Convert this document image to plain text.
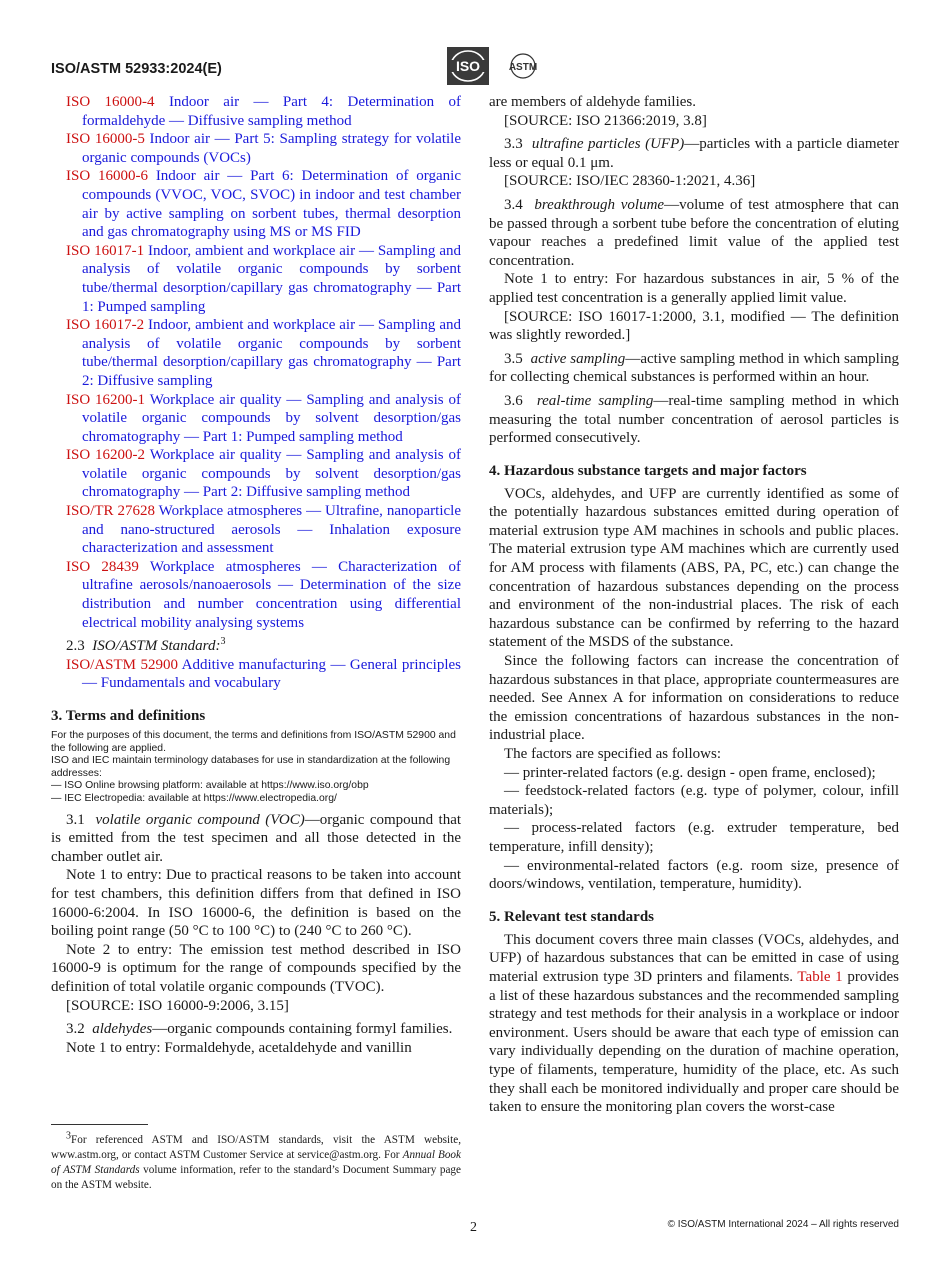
ISO/ASTM 52933:2024(E)	ISO	ASTM
ISO 16000-4 Indoor air — Part 4: Determination of formaldehyde — Diffusive sampling method
ISO 16000-5 Indoor air — Part 5: Sampling strategy for volatile organic compounds (VOCs)
ISO 16000-6 Indoor air — Part 6: Determination of organic compounds (VVOC, VOC, SVOC) in indoor and test chamber air by active sampling on sorbent tubes, thermal desorption and gas chromatography using MS or MS FID
ISO 16017-1 Indoor, ambient and workplace air — Sampling and analysis of volatile organic compounds by sorbent tube/thermal desorption/capillary gas chromatography — Part 1: Pumped sampling
ISO 16017-2 Indoor, ambient and workplace air — Sampling and analysis of volatile organic compounds by sorbent tube/thermal desorption/capillary gas chromatography — Part 2: Diffusive sampling
ISO 16200-1 Workplace air quality — Sampling and analysis of volatile organic compounds by solvent desorption/gas chromatography — Part 1: Pumped sampling method
ISO 16200-2 Workplace air quality — Sampling and analysis of volatile organic compounds by solvent desorption/gas chromatography — Part 2: Diffusive sampling method
ISO/TR 27628 Workplace atmospheres — Ultrafine, nanoparticle and nano-structured aerosols — Inhalation exposure characterization and assessment
ISO 28439 Workplace atmospheres — Characterization of ultrafine aerosols/nanoaerosols — Determination of the size distribution and number concentration using differential electrical mobility analysing systems
2.3 ISO/ASTM Standard:$^3$
ISO/ASTM 52900 Additive manufacturing — General principles — Fundamentals and vocabulary
3. Terms and definitions
For the purposes of this document, the terms and definitions from ISO/ASTM 52900 and the following are applied.
ISO and IEC maintain terminology databases for use in standardization at the following addresses:
— ISO Online browsing platform: available at https://www.iso.org/obp
— IEC Electropedia: available at https://www.electropedia.org/

3.1 volatile organic compound (VOC)—organic compound that is emitted from the test specimen and all those detected in the chamber outlet air.

Note 1 to entry: Due to practical reasons to be taken into account for test chambers, this definition differs from that defined in ISO 16000-6:2004. In ISO 16000-6, the definition is based on the boiling point range (50 °C to 100 °C) to (240 °C to 260 °C).

Note 2 to entry: The emission test method described in ISO 16000-9 is optimum for the range of compounds specified by the definition of total volatile organic compounds (TVOC).

[SOURCE: ISO 16000-9:2006, 3.15]

3.2 aldehydes—organic compounds containing formyl families.

Note 1 to entry: Formaldehyde, acetaldehyde and vanillin

3For referenced ASTM and ISO/ASTM standards, visit the ASTM website, www.astm.org, or contact ASTM Customer Service at service@astm.org. For Annual Book of ASTM Standards volume information, refer to the standard’s Document Summary page on the ASTM website.

are members of aldehyde families.

[SOURCE: ISO 21366:2019, 3.8]

3.3 ultrafine particles (UFP)—particles with a particle diameter less or equal 0.1 μm.

[SOURCE: ISO/IEC 28360-1:2021, 4.36]

3.4 breakthrough volume—volume of test atmosphere that can be passed through a sorbent tube before the concentration of eluting vapour reaches a predefined limit value of the applied test concentration.

Note 1 to entry: For hazardous substances in air, 5 % of the applied test concentration is a generally applied limit value.

[SOURCE: ISO 16017-1:2000, 3.1, modified — The definition was slightly reworded.]

3.5 active sampling—active sampling method in which sampling for collecting chemical substances is performed within an hour.

3.6 real-time sampling—real-time sampling method in which measuring the total number concentration of aerosol particles is performed consecutively.

4. Hazardous substance targets and major factors

VOCs, aldehydes, and UFP are currently identified as some of the potentially hazardous substances emitted during operation of material extrusion type AM machines in schools and public places. The material extrusion type AM machines which are currently used for AM process with filaments (ABS, PA, PC, etc.) can change the concentration of hazardous substances depending on the process and environment of the non-industrial places. The risk of each hazardous substance can be confirmed by referring to the hazard statement of the MSDS of the substance.

Since the following factors can increase the concentration of hazardous substances in that place, appropriate countermeasures are needed. See Annex A for information on considerations to reduce the emission concentrations of hazardous substances in the non-industrial place.

The factors are specified as follows:

— printer-related factors (e.g. design - open frame, enclosed);

— feedstock-related factors (e.g. type of polymer, colour, infill materials);

— process-related factors (e.g. extruder temperature, bed temperature, infill density);

— environmental-related factors (e.g. room size, presence of doors/windows, ventilation, temperature, humidity).

5. Relevant test standards

This document covers three main classes (VOCs, aldehydes, and UFP) of hazardous substances that can be emitted in case of using material extrusion type 3D printers and filaments. Table 1 provides a list of these hazardous substances and the recommended sampling strategy and test methods for their analysis in a workplace or indoor environment. Users should be aware that each type of emission can vary individually depending on the duration of machine operation, type of filaments, temperature, humidity of the place, etc. As such they shall each be monitored individually and proper care should be taken to ensure the monitoring plan covers the worst-case

2	© ISO/ASTM International 2024 – All rights reserved
